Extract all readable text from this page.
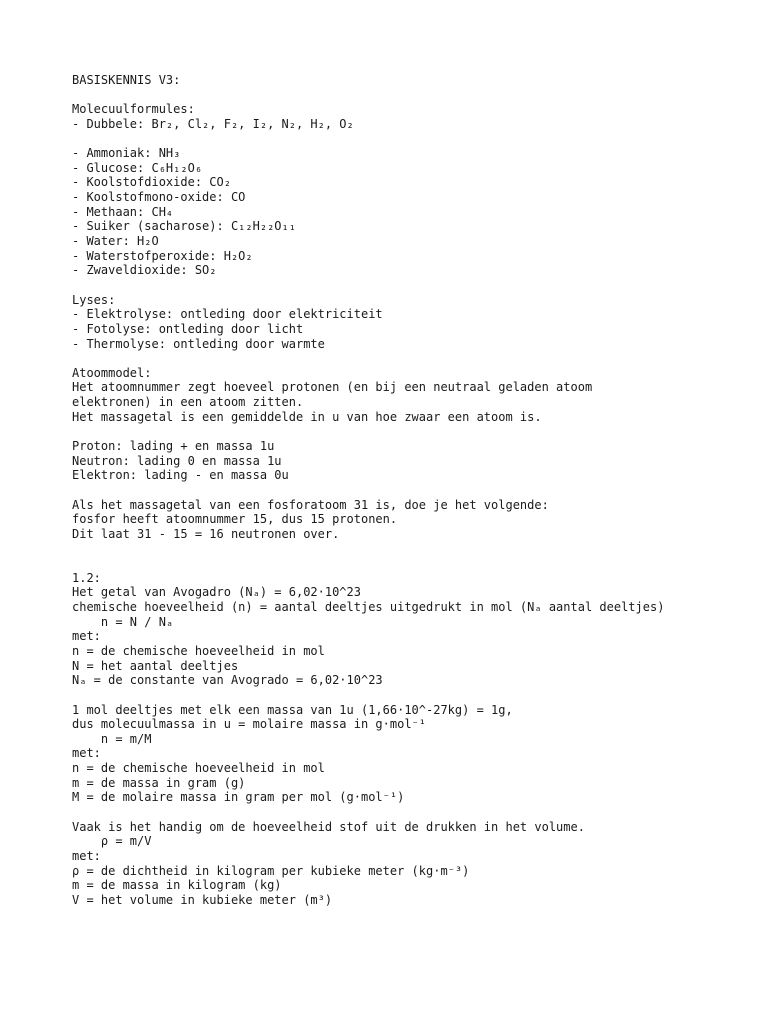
BASISKENNIS V3:
Molecuulformules:
- Dubbele: Br₂, Cl₂, F₂, I₂, N₂, H₂, O₂
- Ammoniak: NH₃
- Glucose: C₆H₁₂O₆
- Koolstofdioxide: CO₂
- Koolstofmono-oxide: CO
- Methaan: CH₄
- Suiker (sacharose): C₁₂H₂₂O₁₁
- Water: H₂O
- Waterstofperoxide: H₂O₂
- Zwaveldioxide: SO₂
Lyses:
- Elektrolyse: ontleding door elektriciteit
- Fotolyse: ontleding door licht
- Thermolyse: ontleding door warmte
Atoommodel:
Het atoomnummer zegt hoeveel protonen (en bij een neutraal geladen atoom
elektronen) in een atoom zitten.
Het massagetal is een gemiddelde in u van hoe zwaar een atoom is.
Proton: lading + en massa 1u
Neutron: lading 0 en massa 1u
Elektron: lading - en massa 0u
Als het massagetal van een fosforatoom 31 is, doe je het volgende:
fosfor heeft atoomnummer 15, dus 15 protonen.
Dit laat 31 - 15 = 16 neutronen over.
1.2:
Het getal van Avogadro (Nₐ) = 6,02·10^23
chemische hoeveelheid (n) = aantal deeltjes uitgedrukt in mol (Nₐ aantal deeltjes)
n = N / Nₐ
met:
n = de chemische hoeveelheid in mol
N = het aantal deeltjes
Nₐ = de constante van Avogrado = 6,02·10^23
1 mol deeltjes met elk een massa van 1u (1,66·10^-27kg) = 1g,
dus molecuulmassa in u = molaire massa in g·mol⁻¹
n = m/M
met:
n = de chemische hoeveelheid in mol
m = de massa in gram (g)
M = de molaire massa in gram per mol (g·mol⁻¹)
Vaak is het handig om de hoeveelheid stof uit de drukken in het volume.
ρ = m/V
met:
ρ = de dichtheid in kilogram per kubieke meter (kg·m⁻³)
m = de massa in kilogram (kg)
V = het volume in kubieke meter (m³)
